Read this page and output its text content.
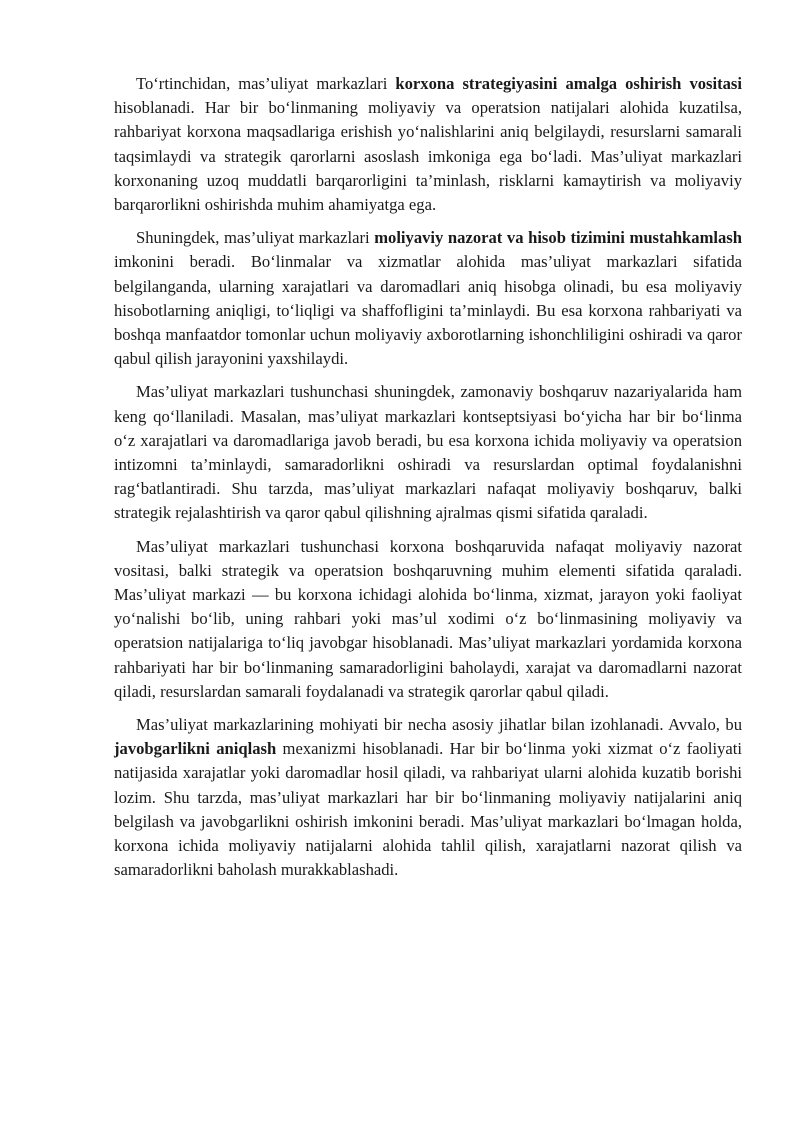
To‘rtinchidan, mas’uliyat markazlari korxona strategiyasini amalga oshirish vositasi hisoblanadi. Har bir bo‘linmaning moliyaviy va operatsion natijalari alohida kuzatilsa, rahbariyat korxona maqsadlariga erishish yo‘nalishlarini aniq belgilaydi, resurslarni samarali taqsimlaydi va strategik qarorlarni asoslash imkoniga ega bo‘ladi. Mas’uliyat markazlari korxonaning uzoq muddatli barqarorligini ta’minlash, risklarni kamaytirish va moliyaviy barqarorlikni oshirishda muhim ahamiyatga ega.

Shuningdek, mas’uliyat markazlari moliyaviy nazorat va hisob tizimini mustahkamlash imkonini beradi. Bo‘linmalar va xizmatlar alohida mas’uliyat markazlari sifatida belgilanganda, ularning xarajatlari va daromadlari aniq hisobga olinadi, bu esa moliyaviy hisobotlarning aniqligi, to‘liqligi va shaffofligini ta’minlaydi. Bu esa korxona rahbariyati va boshqa manfaatdor tomonlar uchun moliyaviy axborotlarning ishonchliligini oshiradi va qaror qabul qilish jarayonini yaxshilaydi.

Mas’uliyat markazlari tushunchasi shuningdek, zamonaviy boshqaruv nazariyalarida ham keng qo‘llaniladi. Masalan, mas’uliyat markazlari kontseptsiyasi bo‘yicha har bir bo‘linma o‘z xarajatlari va daromadlariga javob beradi, bu esa korxona ichida moliyaviy va operatsion intizomni ta’minlaydi, samaradorlikni oshiradi va resurslardan optimal foydalanishni rag‘batlantiradi. Shu tarzda, mas’uliyat markazlari nafaqat moliyaviy boshqaruv, balki strategik rejalashtirish va qaror qabul qilishning ajralmas qismi sifatida qaraladi.

Mas’uliyat markazlari tushunchasi korxona boshqaruvida nafaqat moliyaviy nazorat vositasi, balki strategik va operatsion boshqaruvning muhim elementi sifatida qaraladi. Mas’uliyat markazi — bu korxona ichidagi alohida bo‘linma, xizmat, jarayon yoki faoliyat yo‘nalishi bo‘lib, uning rahbari yoki mas’ul xodimi o‘z bo‘linmasining moliyaviy va operatsion natijalariga to‘liq javobgar hisoblanadi. Mas’uliyat markazlari yordamida korxona rahbariyati har bir bo‘linmaning samaradorligini baholaydi, xarajat va daromadlarni nazorat qiladi, resurslardan samarali foydalanadi va strategik qarorlar qabul qiladi.

Mas’uliyat markazlarining mohiyati bir necha asosiy jihatlar bilan izohlanadi. Avvalo, bu javobgarlikni aniqlash mexanizmi hisoblanadi. Har bir bo‘linma yoki xizmat o‘z faoliyati natijasida xarajatlar yoki daromadlar hosil qiladi, va rahbariyat ularni alohida kuzatib borishi lozim. Shu tarzda, mas’uliyat markazlari har bir bo‘linmaning moliyaviy natijalarini aniq belgilash va javobgarlikni oshirish imkonini beradi. Mas’uliyat markazlari bo‘lmagan holda, korxona ichida moliyaviy natijalarni alohida tahlil qilish, xarajatlarni nazorat qilish va samaradorlikni baholash murakkablashadi.
